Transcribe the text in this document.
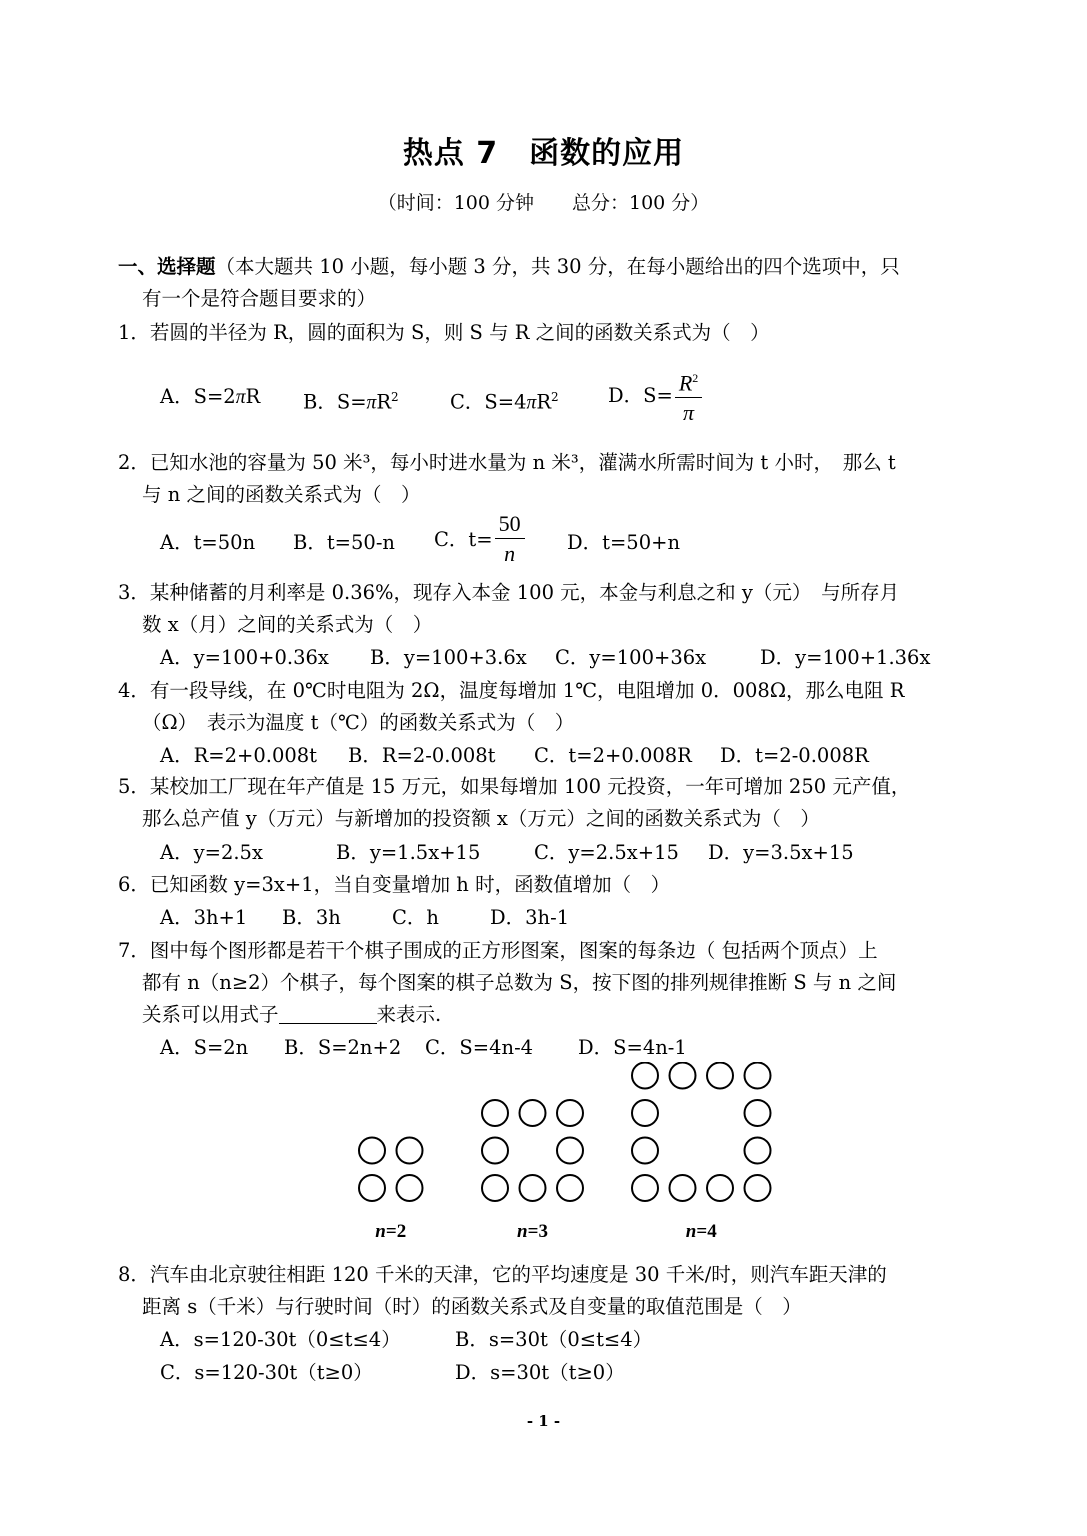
热点 7　函数的应用
（时间：100 分钟　　总分：100 分）
一、选择题（本大题共 10 小题，每小题 3 分，共 30 分，在每小题给出的四个选项中，只
有一个是符合题目要求的）
1．若圆的半径为 R，圆的面积为 S，则 S 与 R 之间的函数关系式为（　）
A．S=2πR B．$S=\pi R^2$	C．$S=4\pi R^2$	D．$S= \frac{R^2}{\pi}$
2．已知水池的容量为 50 米³，每小时进水量为 n 米³，灌满水所需时间为 t 小时，　那么 t
与 n 之间的函数关系式为（　）
A．t=50n B．t=50-n C．$t= \frac{50}{n}$ D．t=50+n
3．某种储蓄的月利率是 0.36%，现存入本金 100 元，本金与利息之和 y（元）　与所存月
数 x（月）之间的关系式为（　）
A．y=100+0.36x B．y=100+3.6x C．y=100+36x	D．y=100+1.36x
4．有一段导线，在 0℃时电阻为 2Ω，温度每增加 1℃，电阻增加 0．008Ω，那么电阻 R
（Ω）　表示为温度 t（℃）的函数关系式为（　）
A．R=2+0.008t B．R=2-0.008t C．t=2+0.008R D．t=2-0.008R
5．某校加工厂现在年产值是 15 万元，如果每增加 100 元投资，一年可增加 250 元产值，
那么总产值 y（万元）与新增加的投资额 x（万元）之间的函数关系式为（　）
A．y=2.5x	B．y=1.5x+15	C．y=2.5x+15 D．y=3.5x+15
6．已知函数 y=3x+1，当自变量增加 h 时，函数值增加（　）
A．3h+1 B．3h	C．h	D．3h-1
7．图中每个图形都是若干个棋子围成的正方形图案，图案的每条边（ 包括两个顶点）上
都有 n（n≥2）个棋子，每个图案的棋子总数为 S，按下图的排列规律推断 S 与 n 之间
关系可以用式子	来表示.
A．S=2n B．S=2n+2 C．S=4n-4 D．S=4n-1
n=2	n=3	n=4
8．汽车由北京驶往相距 120 千米的天津，它的平均速度是 30 千米/时，则汽车距天津的
距离 s（千米）与行驶时间（时）的函数关系式及自变量的取值范围是（　）
A．s=120-30t（0≤t≤4）	B．s=30t（0≤t≤4）
C．s=120-30t（t≥0）	D．s=30t（t≥0）
- 1 -
